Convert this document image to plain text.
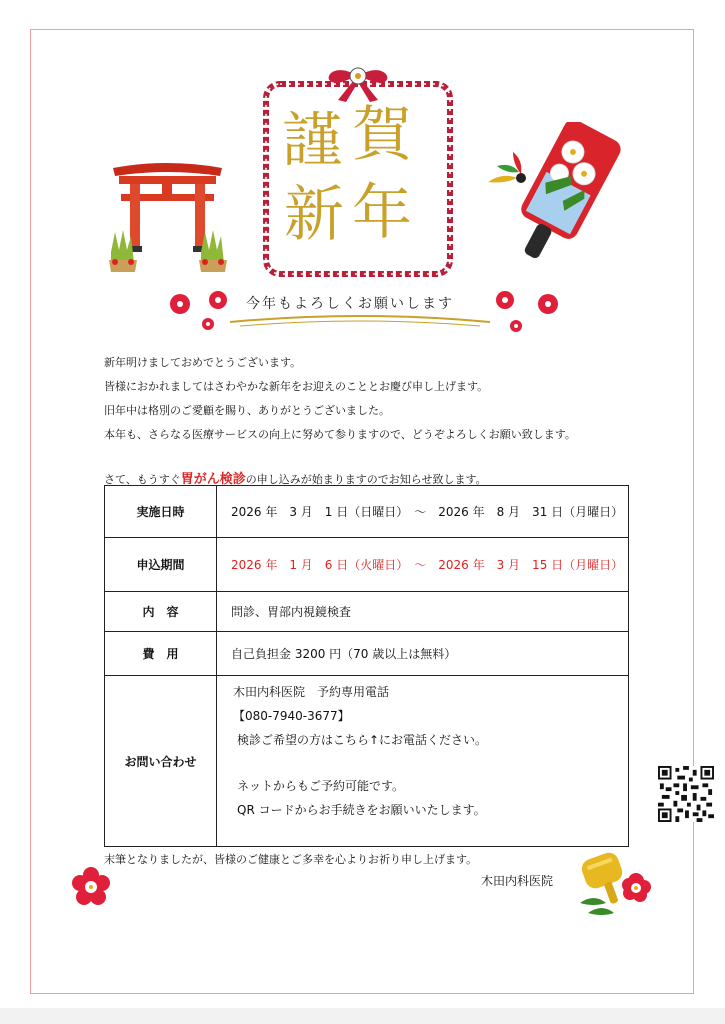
謹 賀
新 年
今年もよろしくお願いします
新年明けましておめでとうございます。
皆様におかれましてはさわやかな新年をお迎えのこととお慶び申し上げます。
旧年中は格別のご愛顧を賜り、ありがとうございました。
本年も、さらなる医療サービスの向上に努めて参りますので、どうぞよろしくお願い致します。
さて、もうすぐ胃がん検診の申し込みが始まりますのでお知らせ致します。
実施日時	2026 年　3 月　1 日（日曜日）　～　2026 年　8 月　31 日（月曜日）
申込期間	2026 年　1 月　6 日（火曜日）　～　2026 年　3 月　15 日（月曜日）
内　容	問診、胃部内視鏡検査
費　用	自己負担金 3200 円（70 歳以上は無料）
お問い合わせ	木田内科医院　予約専用電話
【080-7940-3677】
検診ご希望の方はこちら↑にお電話ください。
ネットからもご予約可能です。
QR コードからお手続きをお願いいたします。
末筆となりましたが、皆様のご健康とご多幸を心よりお祈り申し上げます。
木田内科医院
